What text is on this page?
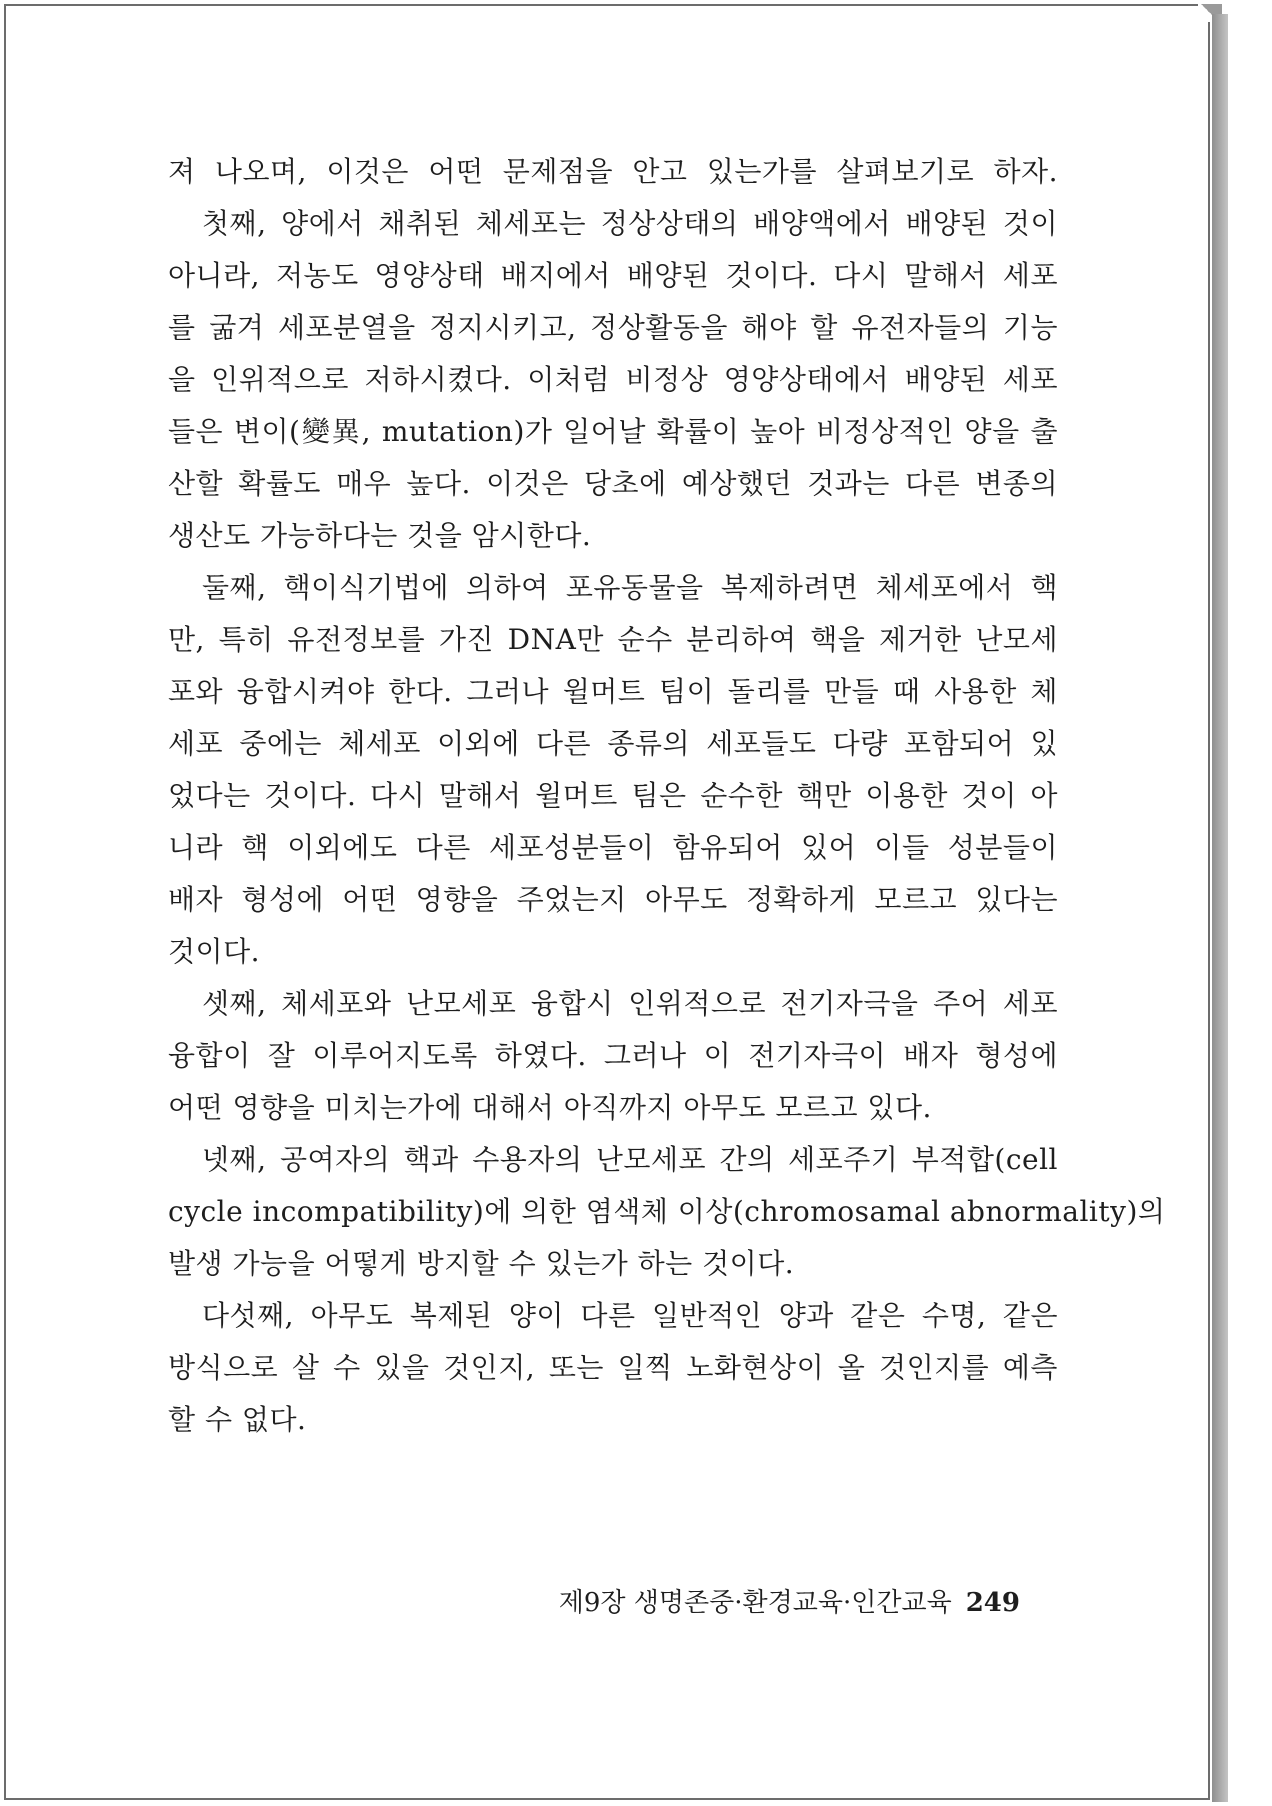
져 나오며, 이것은 어떤 문제점을 안고 있는가를 살펴보기로 하자.
첫째, 양에서 채취된 체세포는 정상상태의 배양액에서 배양된 것이
아니라, 저농도 영양상태 배지에서 배양된 것이다. 다시 말해서 세포
를 굶겨 세포분열을 정지시키고, 정상활동을 해야 할 유전자들의 기능
을 인위적으로 저하시켰다. 이처럼 비정상 영양상태에서 배양된 세포
들은 변이(變異, mutation)가 일어날 확률이 높아 비정상적인 양을 출
산할 확률도 매우 높다. 이것은 당초에 예상했던 것과는 다른 변종의
생산도 가능하다는 것을 암시한다.
둘째, 핵이식기법에 의하여 포유동물을 복제하려면 체세포에서 핵
만, 특히 유전정보를 가진 DNA만 순수 분리하여 핵을 제거한 난모세
포와 융합시켜야 한다. 그러나 윌머트 팀이 돌리를 만들 때 사용한 체
세포 중에는 체세포 이외에 다른 종류의 세포들도 다량 포함되어 있
었다는 것이다. 다시 말해서 윌머트 팀은 순수한 핵만 이용한 것이 아
니라 핵 이외에도 다른 세포성분들이 함유되어 있어 이들 성분들이
배자 형성에 어떤 영향을 주었는지 아무도 정확하게 모르고 있다는
것이다.
셋째, 체세포와 난모세포 융합시 인위적으로 전기자극을 주어 세포
융합이 잘 이루어지도록 하였다. 그러나 이 전기자극이 배자 형성에
어떤 영향을 미치는가에 대해서 아직까지 아무도 모르고 있다.
넷째, 공여자의 핵과 수용자의 난모세포 간의 세포주기 부적합(cell
cycle incompatibility)에 의한 염색체 이상(chromosamal abnormality)의
발생 가능을 어떻게 방지할 수 있는가 하는 것이다.
다섯째, 아무도 복제된 양이 다른 일반적인 양과 같은 수명, 같은
방식으로 살 수 있을 것인지, 또는 일찍 노화현상이 올 것인지를 예측
할 수 없다.
제9장 생명존중·환경교육·인간교육 249
